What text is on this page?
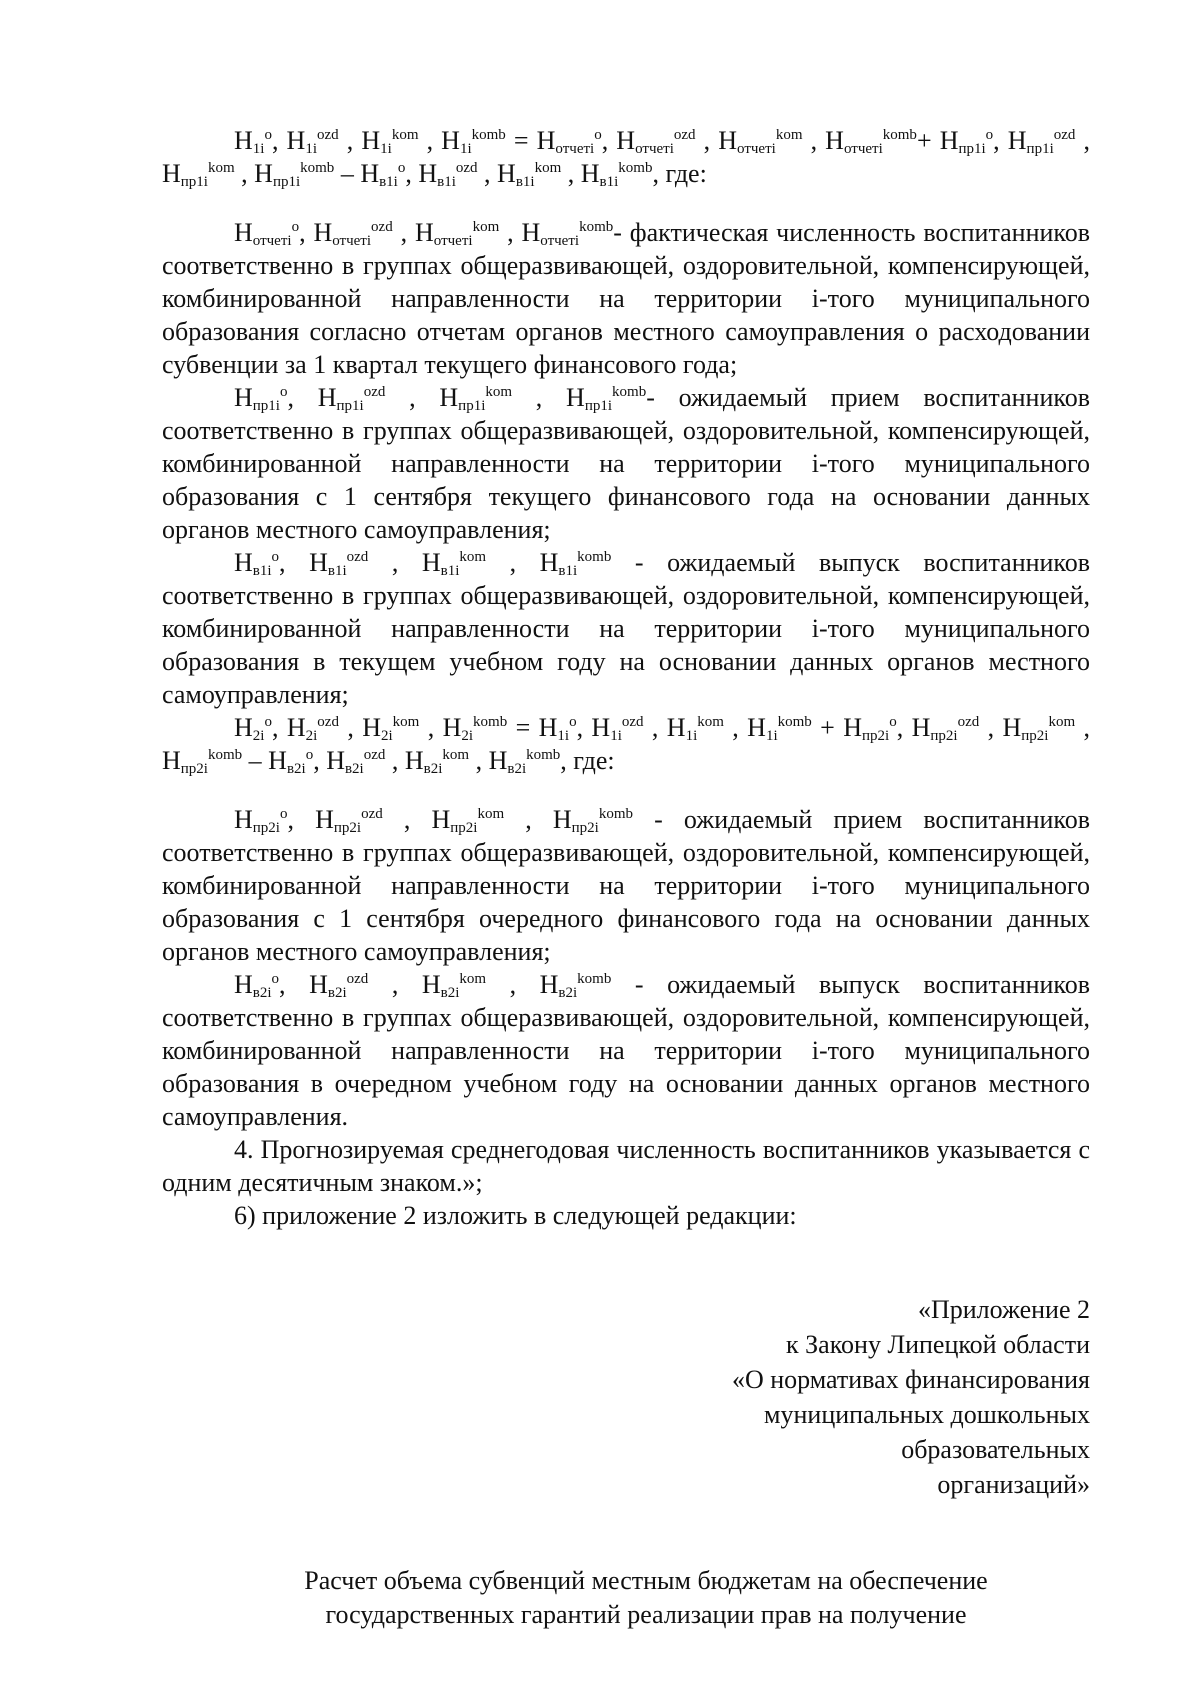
$Н_{1i}^о$, $Н_{1i}^{ozd}$ , $Н_{1i}^{kom}$ , $Н_{1i}^{komb} = Н_{отчетi}^о$, $Н_{отчетi}^{ozd}$ , $Н_{отчетi}^{kom}$ , $Н_{отчетi}^{komb}+ Н_{пр1i}^о$, $Н_{пр1i}^{ozd}$ , $Н_{пр1i}^{kom}$ , $Н_{пр1i}^{komb} - Н_{в1i}^о$, $Н_{в1i}^{ozd}$ , $Н_{в1i}^{kom}$ , $Н_{в1i}^{komb}$, где:

$Н_{отчетi}^о$, $Н_{отчетi}^{ozd}$ , $Н_{отчетi}^{kom}$ , $Н_{отчетi}^{komb}-$ фактическая численность воспитанников соответственно в группах общеразвивающей, оздоровительной, компенсирующей, комбинированной направленности на территории i-того муниципального образования согласно отчетам органов местного самоуправления о расходовании субвенции за 1 квартал текущего финансового года;

$Н_{пр1i}^о$, $Н_{пр1i}^{ozd}$ , $Н_{пр1i}^{kom}$ , $Н_{пр1i}^{komb}-$ ожидаемый прием воспитанников соответственно в группах общеразвивающей, оздоровительной, компенсирующей, комбинированной направленности на территории i-того муниципального образования с 1 сентября текущего финансового года на основании данных органов местного самоуправления;

$Н_{в1i}^о$, $Н_{в1i}^{ozd}$ , $Н_{в1i}^{kom}$ , $Н_{в1i}^{komb}$ - ожидаемый выпуск воспитанников соответственно в группах общеразвивающей, оздоровительной, компенсирующей, комбинированной направленности на территории i-того муниципального образования в текущем учебном году на основании данных органов местного самоуправления;

$Н_{2i}^о$, $Н_{2i}^{ozd}$ , $Н_{2i}^{kom}$ , $Н_{2i}^{komb} = Н_{1i}^о$, $Н_{1i}^{ozd}$ , $Н_{1i}^{kom}$ , $Н_{1i}^{komb} + Н_{пр2i}^о$, $Н_{пр2i}^{ozd}$ , $Н_{пр2i}^{kom}$ , $Н_{пр2i}^{komb} - Н_{в2i}^о$, $Н_{в2i}^{ozd}$ , $Н_{в2i}^{kom}$ , $Н_{в2i}^{komb}$, где:

$Н_{пр2i}^о$, $Н_{пр2i}^{ozd}$ , $Н_{пр2i}^{kom}$ , $Н_{пр2i}^{komb}$ - ожидаемый прием воспитанников соответственно в группах общеразвивающей, оздоровительной, компенсирующей, комбинированной направленности на территории i-того муниципального образования с 1 сентября очередного финансового года на основании данных органов местного самоуправления;

$Н_{в2i}^о$, $Н_{в2i}^{ozd}$ , $Н_{в2i}^{kom}$ , $Н_{в2i}^{komb}$ - ожидаемый выпуск воспитанников соответственно в группах общеразвивающей, оздоровительной, компенсирующей, комбинированной направленности на территории i-того муниципального образования в очередном учебном году на основании данных органов местного самоуправления.

4. Прогнозируемая среднегодовая численность воспитанников указывается с одним десятичным знаком.»;

6) приложение 2 изложить в следующей редакции:

«Приложение 2
к Закону Липецкой области
«О нормативах финансирования
муниципальных дошкольных
образовательных
организаций»
Расчет объема субвенций местным бюджетам на обеспечение
государственных гарантий реализации прав на получение
